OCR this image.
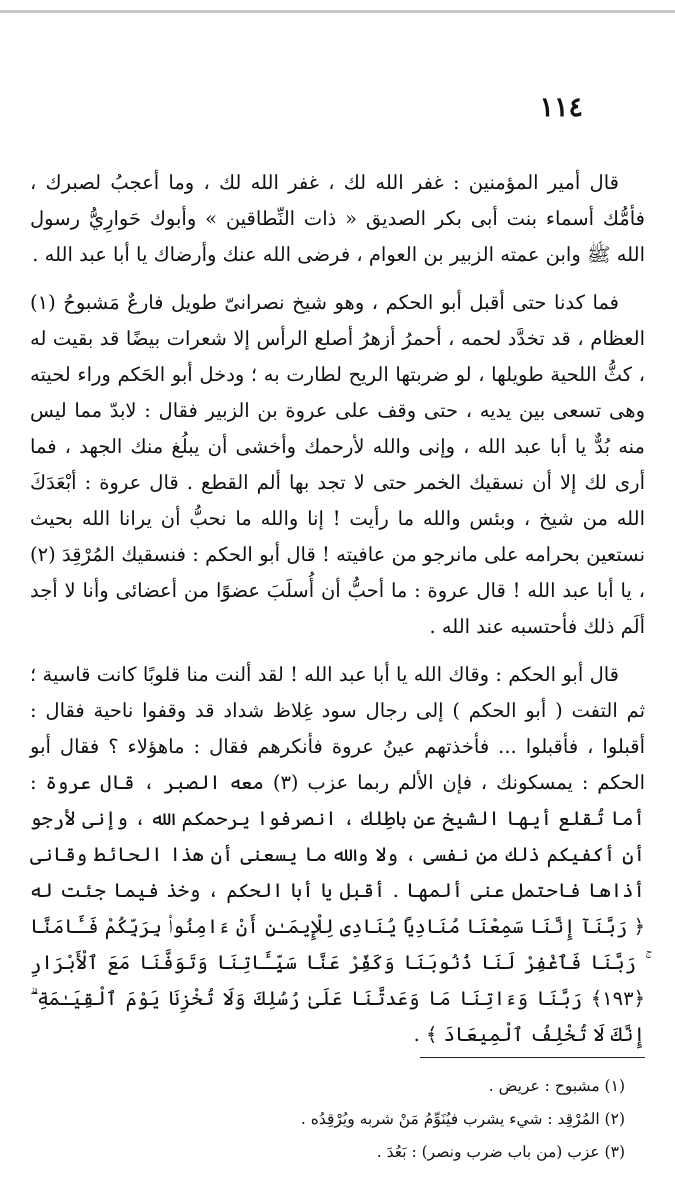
١١٤

قال أمير المؤمنين : غفر الله لك ، غفر الله لك ، وما أعجبُ لصبرك ، فأمُّك أسماء بنت أبى بكر الصديق « ذات النِّطاقين » وأبوك حَوارِيُّ رسول الله ﷺ وابن عمته الزبير بن العوام ، فرضى الله عنك وأرضاك يا أبا عبد الله .

فما كدنا حتى أقبل أبو الحكم ، وهو شيخ نصرانىّ طويل فارعٌ مَشبوحُ (١) العظام ، قد تخدَّد لحمه ، أحمرُ أزهرُ أصلع الرأس إلا شعرات بيضًا قد بقيت له ، كثُّ اللحية طويلها ، لو ضربتها الريح لطارت به ؛ ودخل أبو الحَكم وراء لحيته وهى تسعى بين يديه ، حتى وقف على عروة بن الزبير فقال : لابدّ مما ليس منه بُدٌّ يا أبا عبد الله ، وإنى والله لأرحمك وأخشى أن يبلُغ منك الجهد ، فما أرى لك إلا أن نسقيك الخمر حتى لا تجد بها ألم القطع . قال عروة : أبْعَدَكَ الله من شيخ ، وبئس والله ما رأيت ! إنا والله ما نحبُّ أن يرانا الله بحيث نستعين بحرامه على مانرجو من عافيته ! قال أبو الحكم : فنسقيك المُرْقِدَ (٢) ، يا أبا عبد الله ! قال عروة : ما أحبُّ أن أُسلَبَ عضوًا من أعضائى وأنا لا أجد ألَم ذلك فأحتسبه عند الله .

قال أبو الحكم : وقاك الله يا أبا عبد الله ! لقد ألنت منا قلوبًا كانت قاسية ؛ ثم التفت ( أبو الحكم ) إلى رجال سود غِلاظ شداد قد وقفوا ناحية فقال : أقبلوا ، فأقبلوا ... فأخذتهم عينُ عروة فأنكرهم فقال : ماهؤلاء ؟ فقال أبو الحكم : يمسكونك ، فإن الألم ربما عزب (٣) معه الصبر ، قال عروة : أما تُقلع أيها الشيخ عن باطِلك ، انصرفوا يرحمكم الله ، وإنى لأرجو أن أكفيكم ذلك من نفسى ، ولا والله ما يسعنى أن هذا الحائط وقانى أذاها فاحتمل عنى ألمها . أقبل يا أبا الحكم ، وخذ فيما جئت له ﴿ رَبَّنَآ إِنَّنَا سَمِعْنَا مُنَادِيًا يُنَادِى لِلْإِيمَـٰنِ أَنْ ءَامِنُوا۟ بِرَبِّكُمْ فَـَٔامَنَّا ۚ رَبَّنَا فَٱغْفِرْ لَنَا ذُنُوبَنَا وَكَفِّرْ عَنَّا سَيِّـَٔاتِنَا وَتَوَفَّنَا مَعَ ٱلْأَبْرَارِ ﴿١٩٣﴾ رَبَّنَا وَءَاتِنَا مَا وَعَدتَّنَا عَلَىٰ رُسُلِكَ وَلَا تُخْزِنَا يَوْمَ ٱلْقِيَـٰمَةِ ۗ إِنَّكَ لَا تُخْلِفُ ٱلْمِيعَادَ ﴾ .

(١) مشبوح : عريض .
(٢) المُرْقِد : شيء يشرب فيُنَوِّمُ مَنْ شربه ويُرْقِدُه .
(٣) عزب (من باب ضرب ونصر) : بَعُدَ .
